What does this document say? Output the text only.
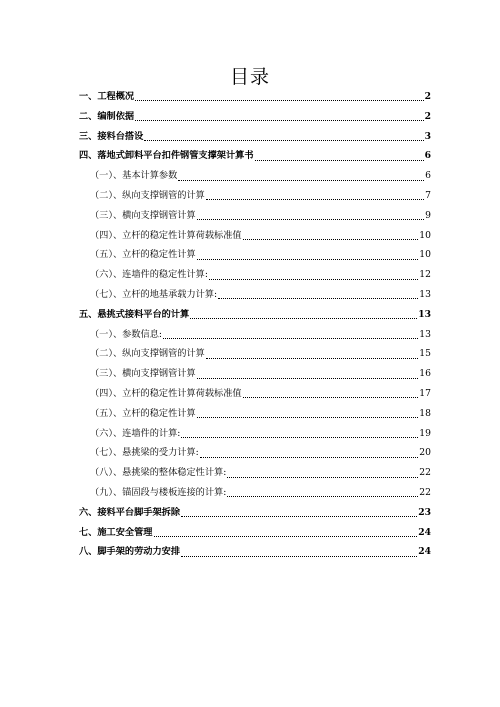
目录
一、工程概况	2
二、编制依据	2
三、接料台搭设	3
四、落地式卸料平台扣件钢管支撑架计算书	6
（一）、基本计算参数	6
（二）、纵向支撑钢管的计算	7
（三）、横向支撑钢管计算	9
（四）、立杆的稳定性计算荷载标准值	10
（五）、立杆的稳定性计算	10
（六）、连墙件的稳定性计算:	12
（七）、立杆的地基承载力计算:	13
五、悬挑式接料平台的计算	13
（一）、参数信息:	13
（二）、纵向支撑钢管的计算	15
（三）、横向支撑钢管计算	16
（四）、立杆的稳定性计算荷载标准值	17
（五）、立杆的稳定性计算	18
（六）、连墙件的计算:	19
（七）、悬挑梁的受力计算:	20
（八）、悬挑梁的整体稳定性计算:	22
（九）、锚固段与楼板连接的计算:	22
六、接料平台脚手架拆除	23
七、施工安全管理	24
八、脚手架的劳动力安排	24
